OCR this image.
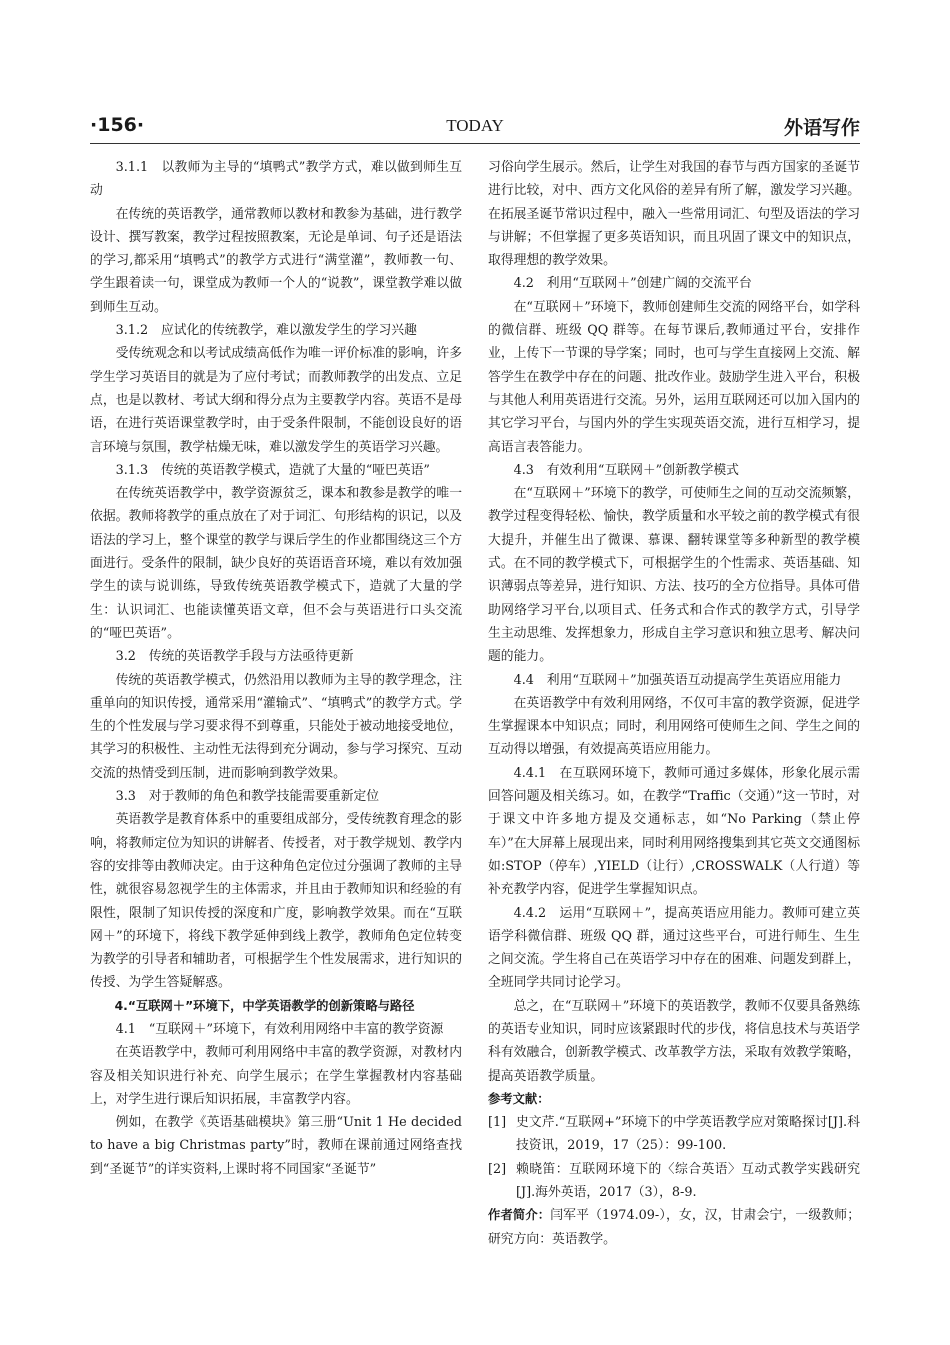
·156·	TODAY	外语写作

3.1.1　以教师为主导的“填鸭式”教学方式，难以做到师生互动

在传统的英语教学，通常教师以教材和教参为基础，进行教学设计、撰写教案，教学过程按照教案，无论是单词、句子还是语法的学习,都采用“填鸭式”的教学方式进行“满堂灌”，教师教一句、学生跟着读一句，课堂成为教师一个人的“说教”，课堂教学难以做到师生互动。

3.1.2　应试化的传统教学，难以激发学生的学习兴趣

受传统观念和以考试成绩高低作为唯一评价标准的影响，许多学生学习英语目的就是为了应付考试；而教师教学的出发点、立足点，也是以教材、考试大纲和得分点为主要教学内容。英语不是母语，在进行英语课堂教学时，由于受条件限制，不能创设良好的语言环境与氛围，教学枯燥无味，难以激发学生的英语学习兴趣。

3.1.3　传统的英语教学模式，造就了大量的“哑巴英语”

在传统英语教学中，教学资源贫乏，课本和教参是教学的唯一依据。教师将教学的重点放在了对于词汇、句形结构的识记，以及语法的学习上，整个课堂的教学与课后学生的作业都围绕这三个方面进行。受条件的限制，缺少良好的英语语音环境，难以有效加强学生的读与说训练，导致传统英语教学模式下，造就了大量的学生：认识词汇、也能读懂英语文章，但不会与英语进行口头交流的“哑巴英语”。

3.2　传统的英语教学手段与方法亟待更新

传统的英语教学模式，仍然沿用以教师为主导的教学理念，注重单向的知识传授，通常采用“灌输式”、“填鸭式”的教学方式。学生的个性发展与学习要求得不到尊重，只能处于被动地接受地位，其学习的积极性、主动性无法得到充分调动，参与学习探究、互动交流的热情受到压制，进而影响到教学效果。

3.3　对于教师的角色和教学技能需要重新定位

英语教学是教育体系中的重要组成部分，受传统教育理念的影响，将教师定位为知识的讲解者、传授者，对于教学规划、教学内容的安排等由教师决定。由于这种角色定位过分强调了教师的主导性，就很容易忽视学生的主体需求，并且由于教师知识和经验的有限性，限制了知识传授的深度和广度，影响教学效果。而在“互联网＋”的环境下，将线下教学延伸到线上教学，教师角色定位转变为教学的引导者和辅助者，可根据学生个性发展需求，进行知识的传授、为学生答疑解惑。

4.“互联网＋”环境下，中学英语教学的创新策略与路径

4.1　“互联网＋”环境下，有效利用网络中丰富的教学资源

在英语教学中，教师可利用网络中丰富的教学资源，对教材内容及相关知识进行补充、向学生展示；在学生掌握教材内容基础上，对学生进行课后知识拓展，丰富教学内容。

例如，在教学《英语基础模块》第三册“Unit 1 He decided to have a big Christmas party”时，教师在课前通过网络查找到“圣诞节”的详实资料,上课时将不同国家“圣诞节”

习俗向学生展示。然后，让学生对我国的春节与西方国家的圣诞节进行比较，对中、西方文化风俗的差异有所了解，激发学习兴趣。在拓展圣诞节常识过程中，融入一些常用词汇、句型及语法的学习与讲解；不但掌握了更多英语知识，而且巩固了课文中的知识点，取得理想的教学效果。

4.2　利用“互联网＋”创建广阔的交流平台

在“互联网＋”环境下，教师创建师生交流的网络平台，如学科的微信群、班级 QQ 群等。在每节课后,教师通过平台，安排作业，上传下一节课的导学案；同时，也可与学生直接网上交流、解答学生在教学中存在的问题、批改作业。鼓励学生进入平台，积极与其他人利用英语进行交流。另外，运用互联网还可以加入国内的其它学习平台，与国内外的学生实现英语交流，进行互相学习，提高语言表答能力。

4.3　有效利用“互联网＋”创新教学模式

在“互联网＋”环境下的教学，可使师生之间的互动交流频繁，教学过程变得轻松、愉快，教学质量和水平较之前的教学模式有很大提升，并催生出了微课、慕课、翻转课堂等多种新型的教学模式。在不同的教学模式下，可根据学生的个性需求、英语基础、知识薄弱点等差异，进行知识、方法、技巧的全方位指导。具体可借助网络学习平台,以项目式、任务式和合作式的教学方式，引导学生主动思维、发挥想象力，形成自主学习意识和独立思考、解决问题的能力。

4.4　利用“互联网＋”加强英语互动提高学生英语应用能力

在英语教学中有效利用网络，不仅可丰富的教学资源，促进学生掌握课本中知识点；同时，利用网络可使师生之间、学生之间的互动得以增强，有效提高英语应用能力。

4.4.1　在互联网环境下，教师可通过多媒体，形象化展示需回答问题及相关练习。如，在教学“Traffic（交通）”这一节时，对于课文中许多地方提及交通标志，如“No Parking（禁止停车）”在大屏幕上展现出来，同时利用网络搜集到其它英文交通图标如:STOP（停车）,YIELD（让行）,CROSSWALK（人行道）等补充教学内容，促进学生掌握知识点。

4.4.2　运用“互联网＋”，提高英语应用能力。教师可建立英语学科微信群、班级 QQ 群，通过这些平台，可进行师生、生生之间交流。学生将自己在英语学习中存在的困难、问题发到群上，全班同学共同讨论学习。

总之，在“互联网＋”环境下的英语教学，教师不仅要具备熟练的英语专业知识，同时应该紧跟时代的步伐，将信息技术与英语学科有效融合，创新教学模式、改革教学方法，采取有效教学策略，提高英语教学质量。

参考文献：

[1] 史文芹.“互联网+”环境下的中学英语教学应对策略探讨[J].科技资讯，2019，17（25）：99-100.
[2] 赖晓笛：互联网环境下的〈综合英语〉互动式教学实践研究[J].海外英语，2017（3），8-9.

作者简介：闫军平（1974.09-），女，汉，甘肃会宁，一级教师；研究方向：英语教学。
